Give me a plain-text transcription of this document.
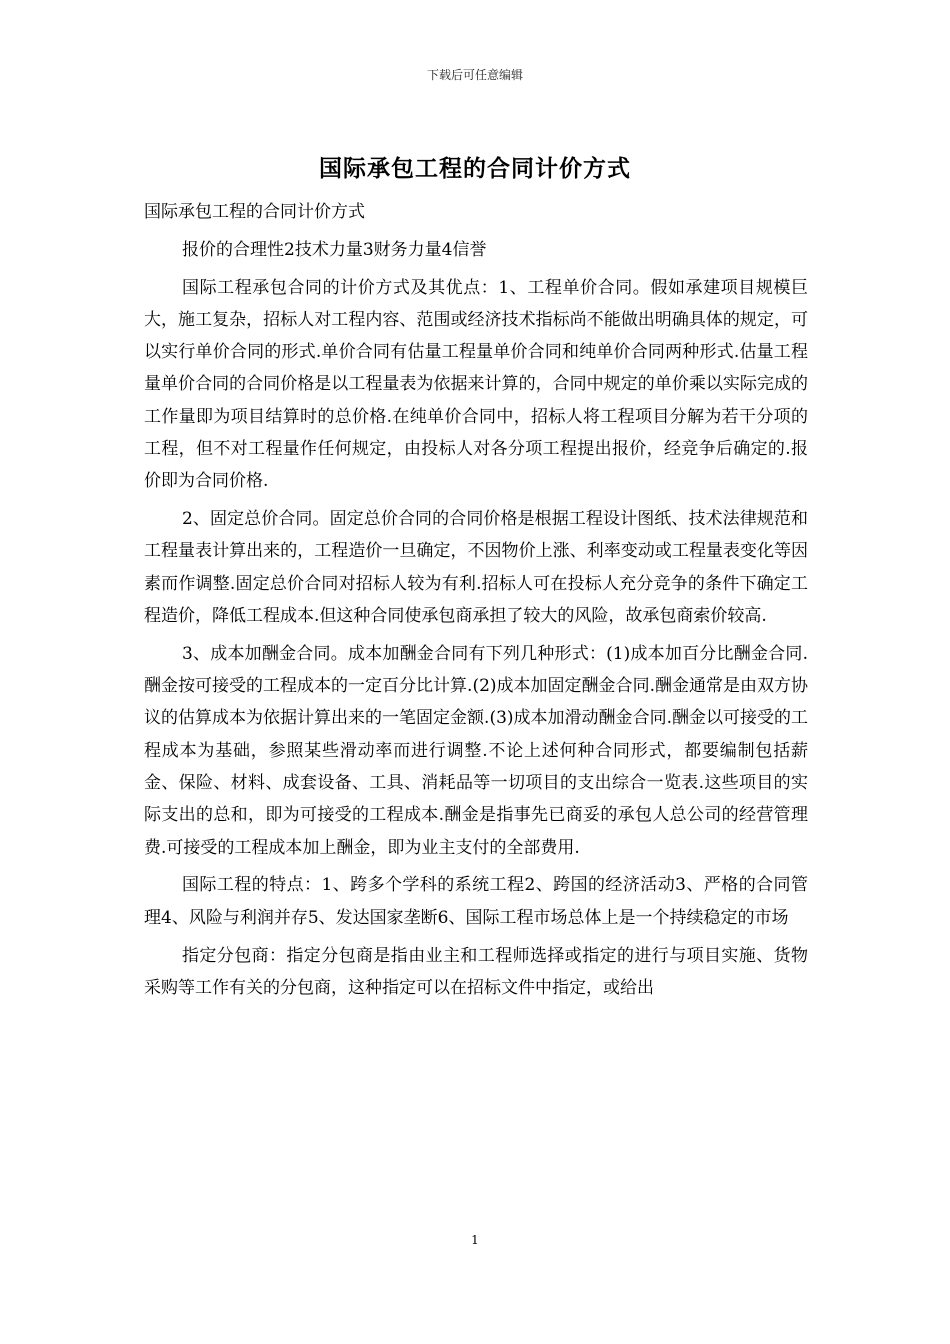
下载后可任意编辑
国际承包工程的合同计价方式

国际承包工程的合同计价方式

报价的合理性2技术力量3财务力量4信誉

国际工程承包合同的计价方式及其优点：1、工程单价合同。假如承建项目规模巨大，施工复杂，招标人对工程内容、范围或经济技术指标尚不能做出明确具体的规定，可以实行单价合同的形式.单价合同有估量工程量单价合同和纯单价合同两种形式.估量工程量单价合同的合同价格是以工程量表为依据来计算的，合同中规定的单价乘以实际完成的工作量即为项目结算时的总价格.在纯单价合同中，招标人将工程项目分解为若干分项的工程，但不对工程量作任何规定，由投标人对各分项工程提出报价，经竞争后确定的.报价即为合同价格.

2、固定总价合同。固定总价合同的合同价格是根据工程设计图纸、技术法律规范和工程量表计算出来的，工程造价一旦确定，不因物价上涨、利率变动或工程量表变化等因素而作调整.固定总价合同对招标人较为有利.招标人可在投标人充分竞争的条件下确定工程造价，降低工程成本.但这种合同使承包商承担了较大的风险，故承包商索价较高.

3、成本加酬金合同。成本加酬金合同有下列几种形式：(1)成本加百分比酬金合同.酬金按可接受的工程成本的一定百分比计算.(2)成本加固定酬金合同.酬金通常是由双方协议的估算成本为依据计算出来的一笔固定金额.(3)成本加滑动酬金合同.酬金以可接受的工程成本为基础，参照某些滑动率而进行调整.不论上述何种合同形式，都要编制包括薪金、保险、材料、成套设备、工具、消耗品等一切项目的支出综合一览表.这些项目的实际支出的总和，即为可接受的工程成本.酬金是指事先已商妥的承包人总公司的经营管理费.可接受的工程成本加上酬金，即为业主支付的全部费用.

国际工程的特点：1、跨多个学科的系统工程2、跨国的经济活动3、严格的合同管理4、风险与利润并存5、发达国家垄断6、国际工程市场总体上是一个持续稳定的市场

指定分包商：指定分包商是指由业主和工程师选择或指定的进行与项目实施、货物采购等工作有关的分包商，这种指定可以在招标文件中指定，或给出

1
